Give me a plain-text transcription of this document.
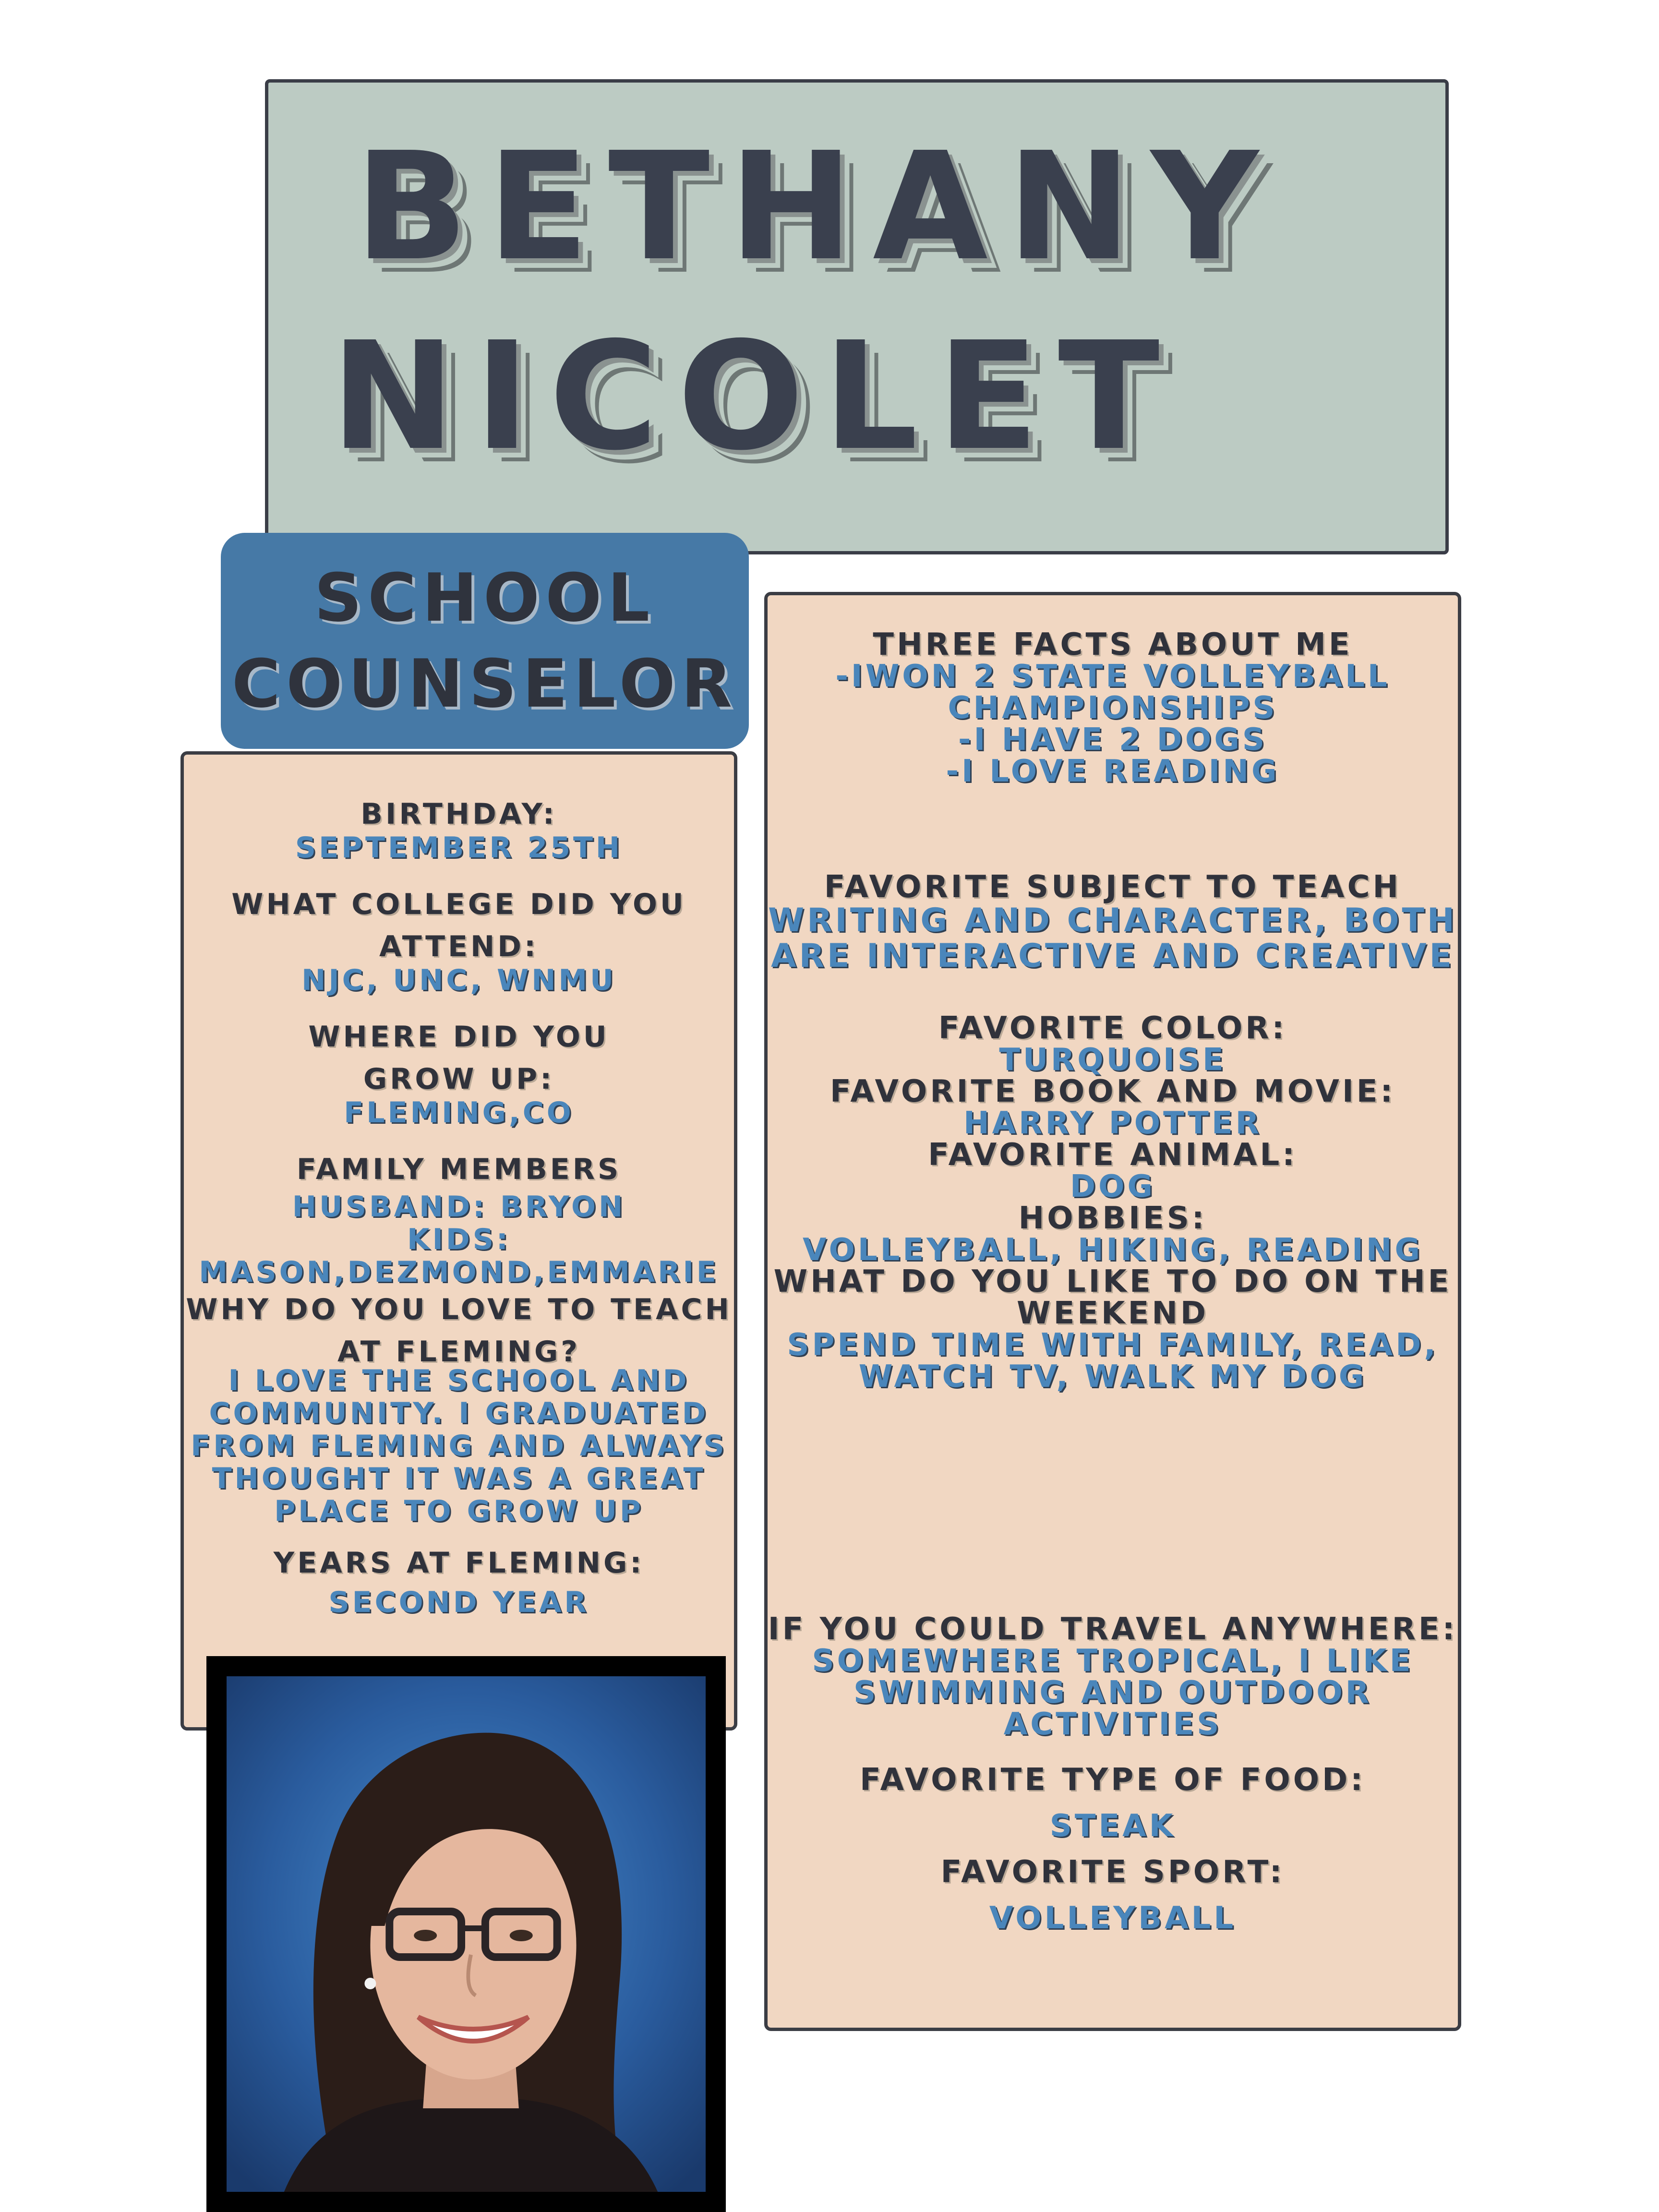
BETHANY
NICOLET
SCHOOL
COUNSELOR
BIRTHDAY:
SEPTEMBER 25TH
WHAT COLLEGE DID YOU
ATTEND:
NJC, UNC, WNMU
WHERE DID YOU
GROW UP:
FLEMING,CO
FAMILY MEMBERS
HUSBAND: BRYON
KIDS:
MASON,DEZMOND,EMMARIE
WHY DO YOU LOVE TO TEACH
AT FLEMING?
I LOVE THE SCHOOL AND
COMMUNITY. I GRADUATED
FROM FLEMING AND ALWAYS
THOUGHT IT WAS A GREAT
PLACE TO GROW UP
YEARS AT FLEMING:
SECOND YEAR
THREE FACTS ABOUT ME
-IWON 2 STATE VOLLEYBALL
CHAMPIONSHIPS
-I HAVE 2 DOGS
-I LOVE READING
FAVORITE SUBJECT TO TEACH
WRITING AND CHARACTER, BOTH
ARE INTERACTIVE AND CREATIVE
FAVORITE COLOR:
TURQUOISE
FAVORITE BOOK AND MOVIE:
HARRY POTTER
FAVORITE ANIMAL:
DOG
HOBBIES:
VOLLEYBALL, HIKING, READING
WHAT DO YOU LIKE TO DO ON THE
WEEKEND
SPEND TIME WITH FAMILY, READ,
WATCH TV, WALK MY DOG
IF YOU COULD TRAVEL ANYWHERE:
SOMEWHERE TROPICAL, I LIKE
SWIMMING AND OUTDOOR
ACTIVITIES
FAVORITE TYPE OF FOOD:
STEAK
FAVORITE SPORT:
VOLLEYBALL
